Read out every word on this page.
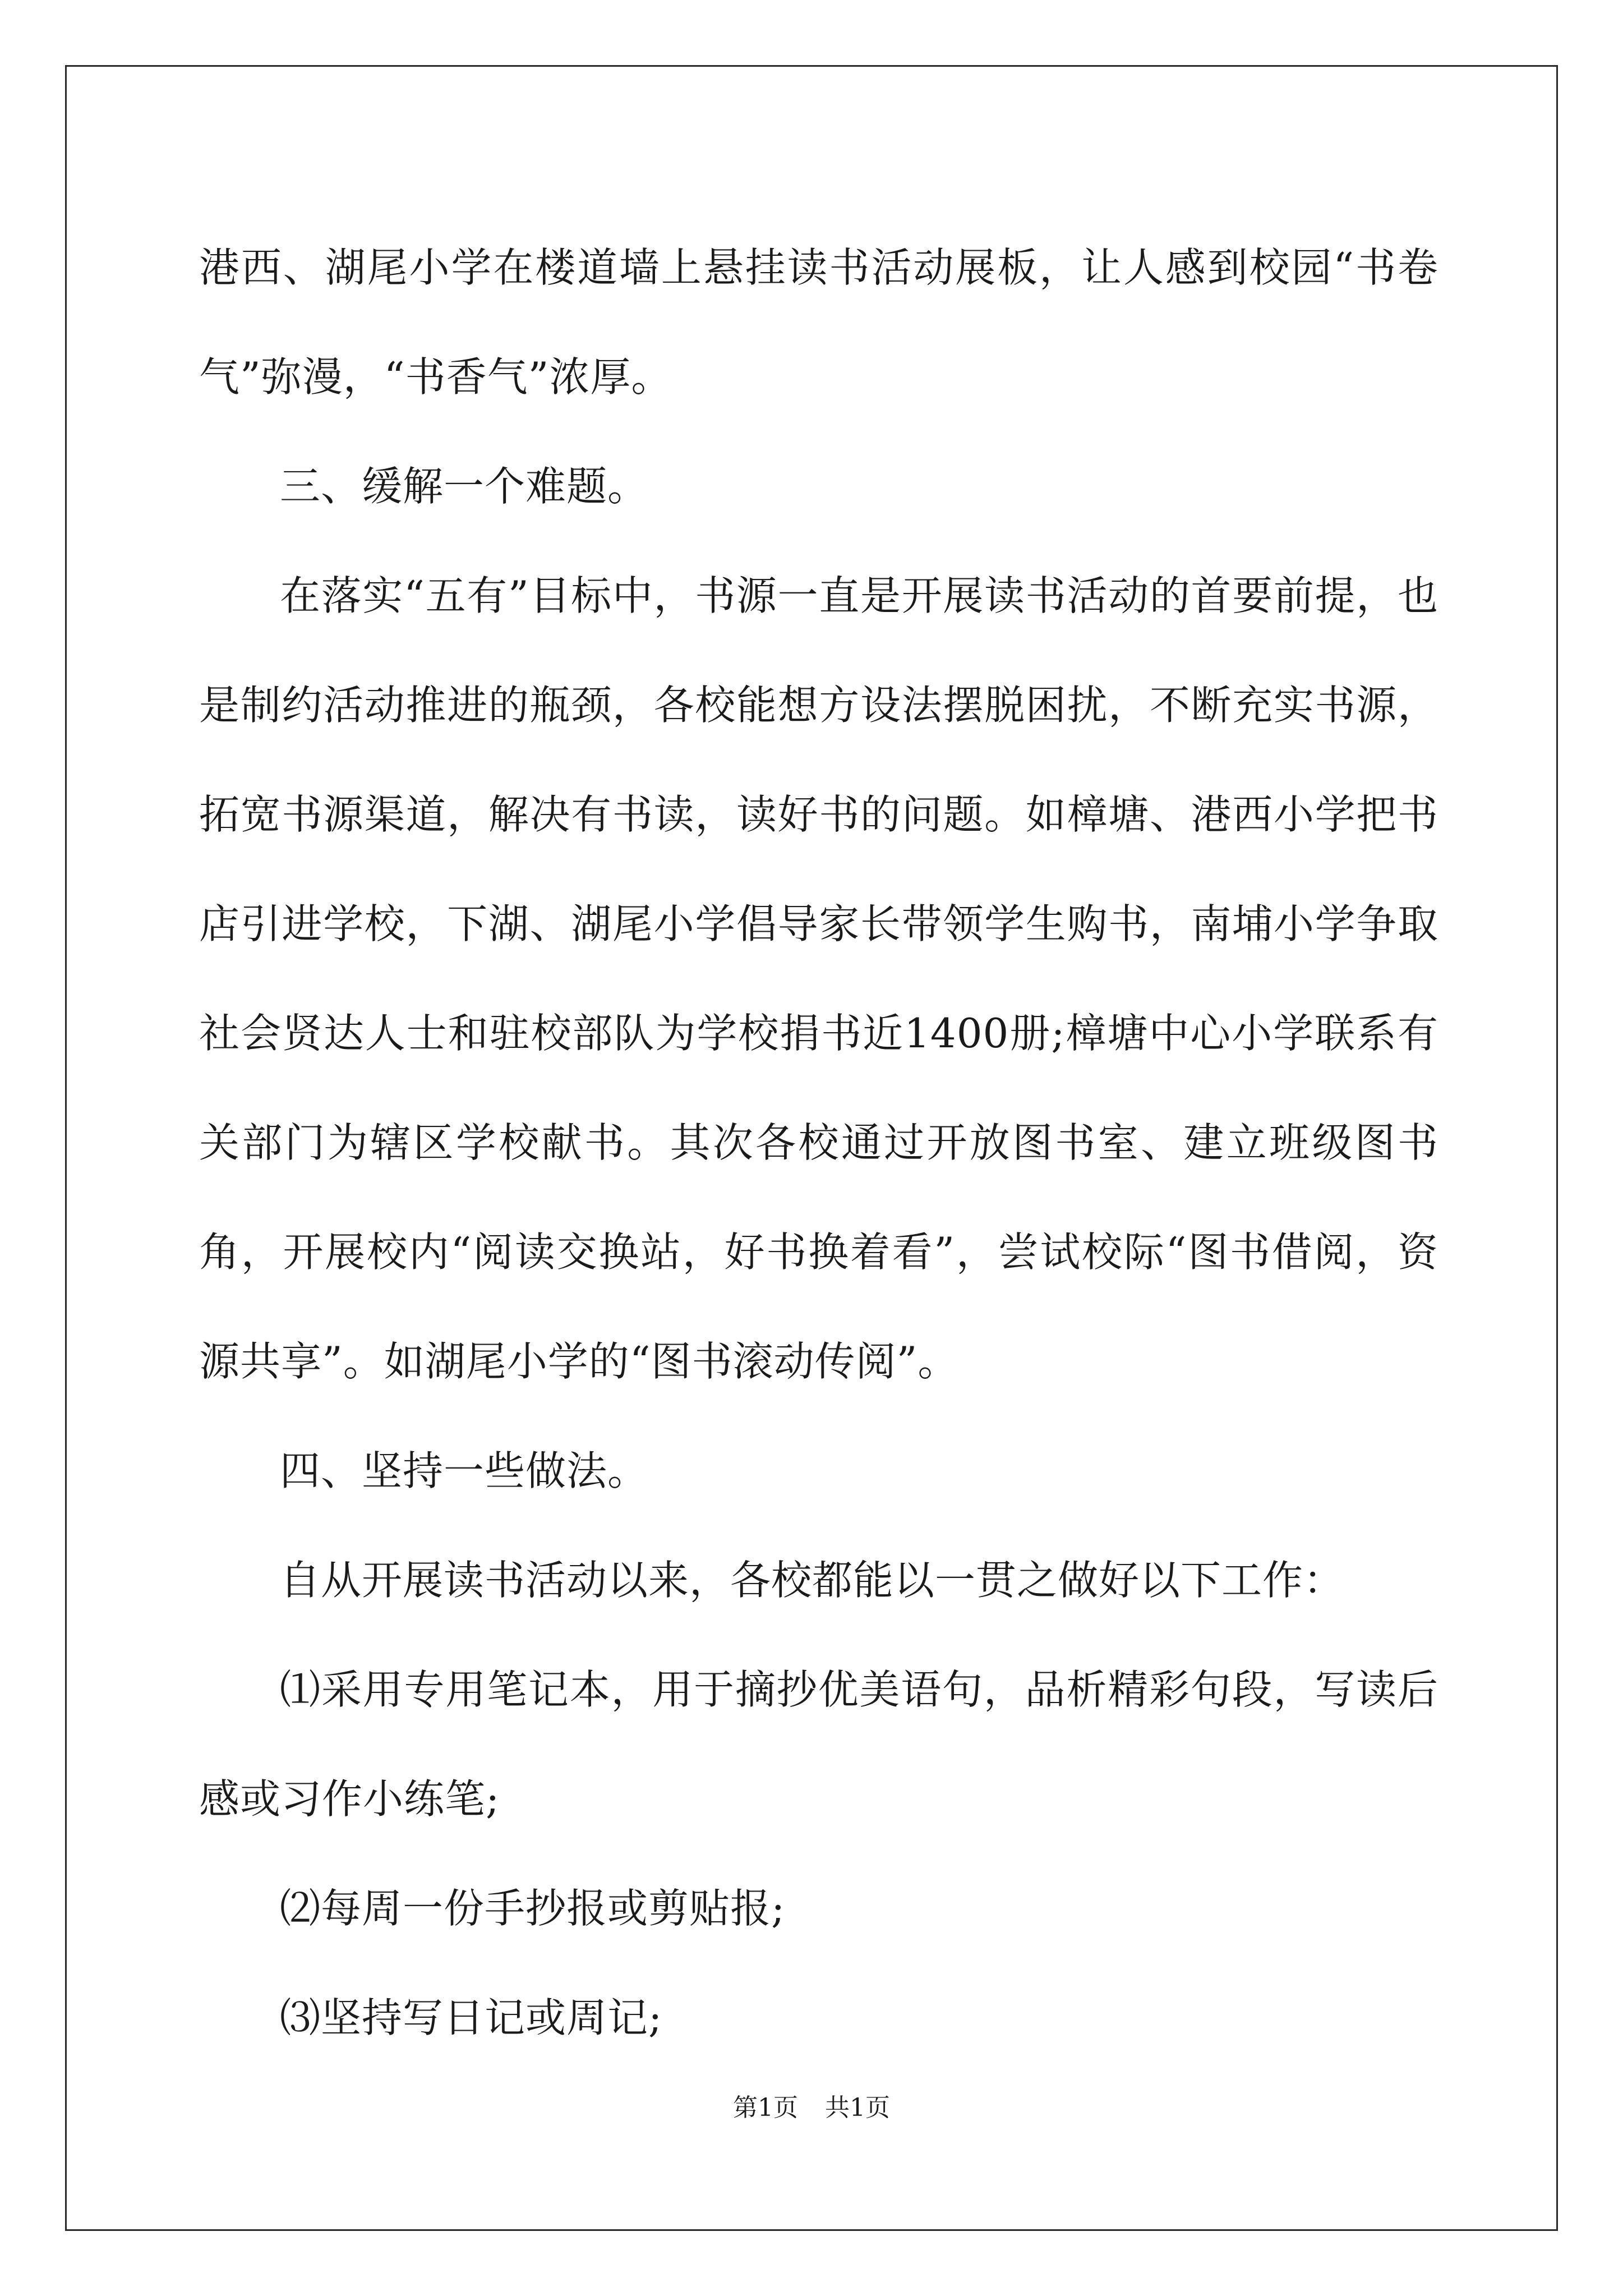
港西、湖尾小学在楼道墙上悬挂读书活动展板，让人感到校园“书卷气”弥漫，“书香气”浓厚。

三、缓解一个难题。

在落实“五有”目标中，书源一直是开展读书活动的首要前提，也是制约活动推进的瓶颈，各校能想方设法摆脱困扰，不断充实书源，拓宽书源渠道，解决有书读，读好书的问题。如樟塘、港西小学把书店引进学校，下湖、湖尾小学倡导家长带领学生购书，南埔小学争取社会贤达人士和驻校部队为学校捐书近1400册;樟塘中心小学联系有关部门为辖区学校献书。其次各校通过开放图书室、建立班级图书角，开展校内“阅读交换站，好书换着看”，尝试校际“图书借阅，资源共享”。如湖尾小学的“图书滚动传阅”。

四、坚持一些做法。

自从开展读书活动以来，各校都能以一贯之做好以下工作：

⑴采用专用笔记本，用于摘抄优美语句，品析精彩句段，写读后感或习作小练笔;

⑵每周一份手抄报或剪贴报;

⑶坚持写日记或周记;

第1页 共1页
